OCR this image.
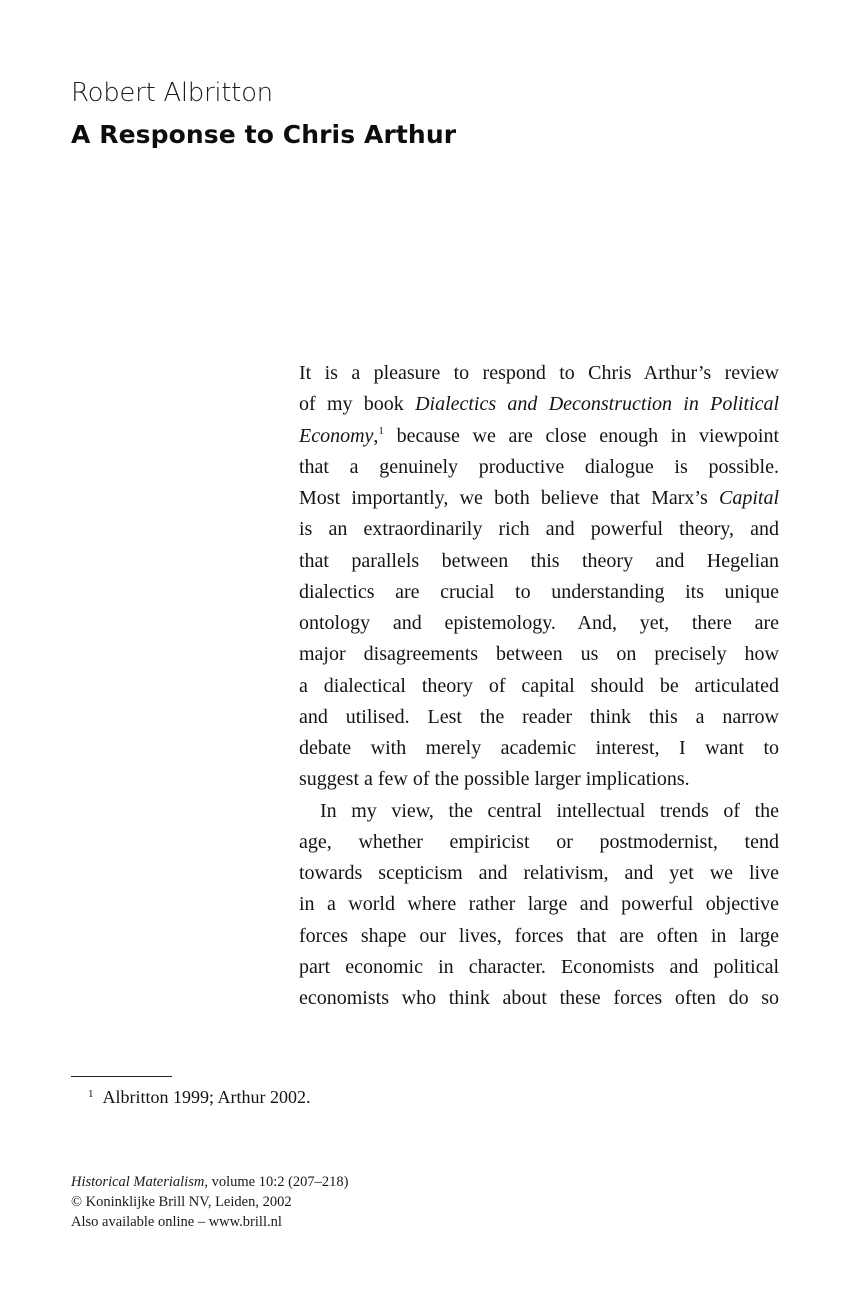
Robert Albritton
A Response to Chris Arthur
It is a pleasure to respond to Chris Arthur’s review
of my book Dialectics and Deconstruction in Political
Economy,$^1$ because we are close enough in viewpoint
that a genuinely productive dialogue is possible.
Most importantly, we both believe that Marx’s Capital
is an extraordinarily rich and powerful theory, and
that parallels between this theory and Hegelian
dialectics are crucial to understanding its unique
ontology and epistemology. And, yet, there are
major disagreements between us on precisely how
a dialectical theory of capital should be articulated
and utilised. Lest the reader think this a narrow
debate with merely academic interest, I want to
suggest a few of the possible larger implications.
In my view, the central intellectual trends of the
age, whether empiricist or postmodernist, tend
towards scepticism and relativism, and yet we live
in a world where rather large and powerful objective
forces shape our lives, forces that are often in large
part economic in character. Economists and political
economists who think about these forces often do so
$^1$ Albritton 1999; Arthur 2002.
Historical Materialism, volume 10:2 (207–218)
© Koninklijke Brill NV, Leiden, 2002
Also available online – www.brill.nl
